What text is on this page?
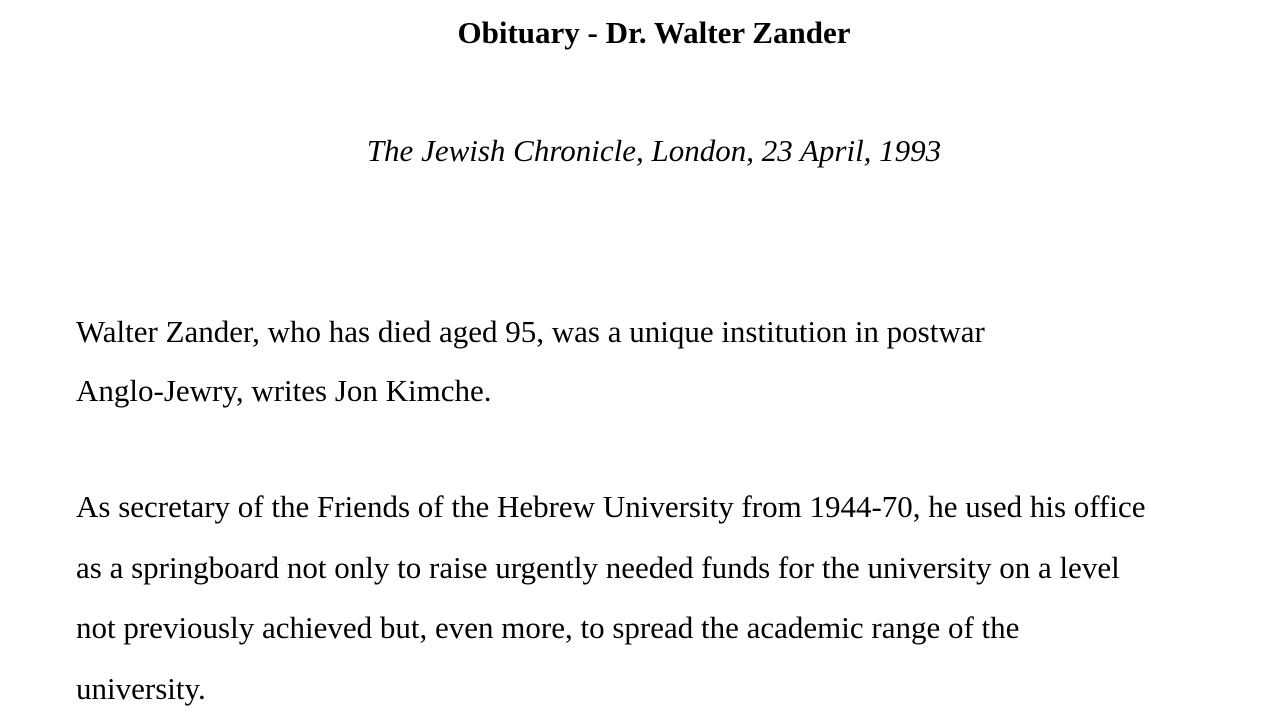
Obituary - Dr. Walter Zander

The Jewish Chronicle, London, 23 April, 1993

Walter Zander, who has died aged 95, was a unique institution in postwar
Anglo-Jewry, writes Jon Kimche.

As secretary of the Friends of the Hebrew University from 1944-70, he used his office
as a springboard not only to raise urgently needed funds for the university on a level
not previously achieved but, even more, to spread the academic range of the
university.
